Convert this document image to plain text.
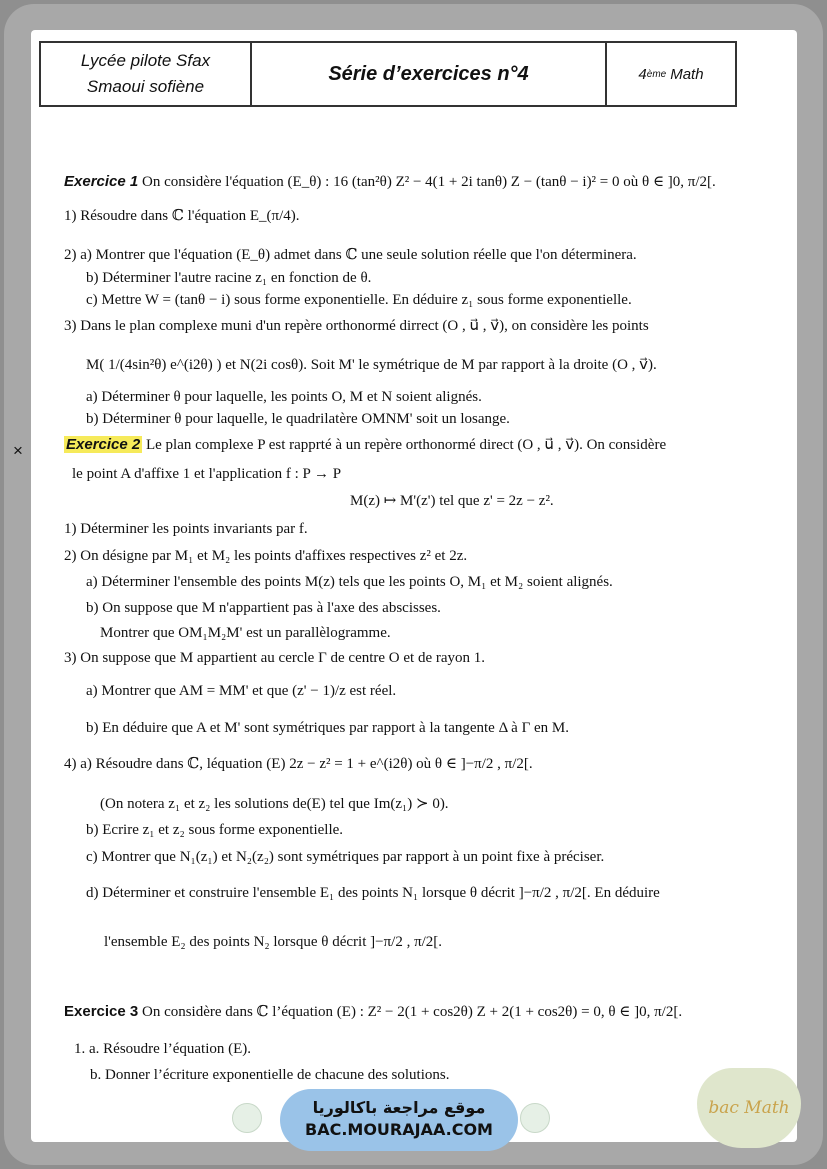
Lycée pilote Sfax
Smaoui sofiène
Série d’exercices n°4	4 ème Math
Exercice 1 On considère l'équation (E_θ) : 16 (tan²θ) Z² − 4(1 + 2i tanθ) Z − (tanθ − i)² = 0 où θ ∈ ]0, π/2[.
1) Résoudre dans ℂ l'équation E_(π/4).
2) a) Montrer que l'équation (E_θ) admet dans ℂ une seule solution réelle que l'on déterminera.
b) Déterminer l'autre racine z₁ en fonction de θ.
c) Mettre W = (tanθ − i) sous forme exponentielle. En déduire z₁ sous forme exponentielle.
3) Dans le plan complexe muni d'un repère orthonormé dirrect (O , u⃗ , v⃗), on considère les points
M( 1/(4sin²θ) e^(i2θ) ) et N(2i cosθ). Soit M' le symétrique de M par rapport à la droite (O , v⃗).
a) Déterminer θ pour laquelle, les points O, M et N soient alignés.
b) Déterminer θ pour laquelle, le quadrilatère OMNM' soit un losange.
×	Exercice 2 Le plan complexe P est rapprté à un repère orthonormé direct (O , u⃗ , v⃗). On considère
le point A d'affixe 1 et l'application f : P → P
M(z) ↦ M'(z') tel que z' = 2z − z².
1) Déterminer les points invariants par f.
2) On désigne par M₁ et M₂ les points d'affixes respectives z² et 2z.
a) Déterminer l'ensemble des points M(z) tels que les points O, M₁ et M₂ soient alignés.
b) On suppose que M n'appartient pas à l'axe des abscisses.
Montrer que OM₁M₂M' est un parallèlogramme.
3) On suppose que M appartient au cercle Γ de centre O et de rayon 1.
a) Montrer que AM = MM' et que (z' − 1)/z est réel.
b) En déduire que A et M' sont symétriques par rapport à la tangente Δ à Γ en M.
4) a) Résoudre dans ℂ, léquation (E) 2z − z² = 1 + e^(i2θ) où θ ∈ ]−π/2 , π/2[.
(On notera z₁ et z₂ les solutions de(E) tel que Im(z₁) ≻ 0).
b) Ecrire z₁ et z₂ sous forme exponentielle.
c) Montrer que N₁(z₁) et N₂(z₂) sont symétriques par rapport à un point fixe à préciser.
d) Déterminer et construire l'ensemble E₁ des points N₁ lorsque θ décrit ]−π/2 , π/2[. En déduire
l'ensemble E₂ des points N₂ lorsque θ décrit ]−π/2 , π/2[.
Exercice 3 On considère dans ℂ l’équation (E) : Z² − 2(1 + cos2θ) Z + 2(1 + cos2θ) = 0, θ ∈ ]0, π/2[.
1. a. Résoudre l’équation (E).
b. Donner l’écriture exponentielle de chacune des solutions.
موقع مراجعة باكالوريا
BAC.MOURAJAA.COM
bac Math
